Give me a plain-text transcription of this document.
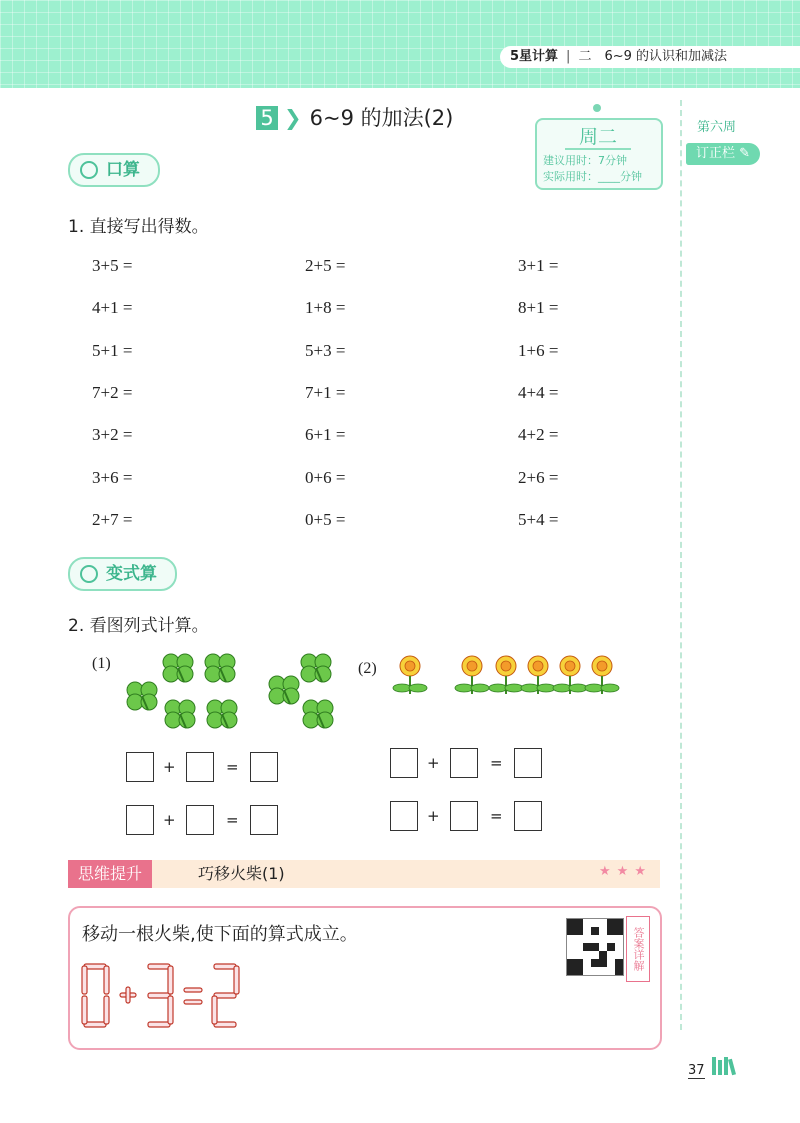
5星计算 | 二　6~9 的认识和加减法
第六周
订正栏 ✎
5 ❯ 6~9 的加法(2)
周二
建议用时：7分钟
实际用时：____分钟
口算
1. 直接写出得数。
3+5 =	2+5 =	3+1 =
4+1 =	1+8 =	8+1 =
5+1 =	5+3 =	1+6 =
7+2 =	7+1 =	4+4 =
3+2 =	6+1 =	4+2 =
3+6 =	0+6 =	2+6 =
2+7 =	0+5 =	5+4 =
变式算
2. 看图列式计算。
(1)	(2)
+	=
+	=
+	=
+	=
思维提升	巧移火柴(1)	★★★
移动一根火柴,使下面的算式成立。	答案详解
37
